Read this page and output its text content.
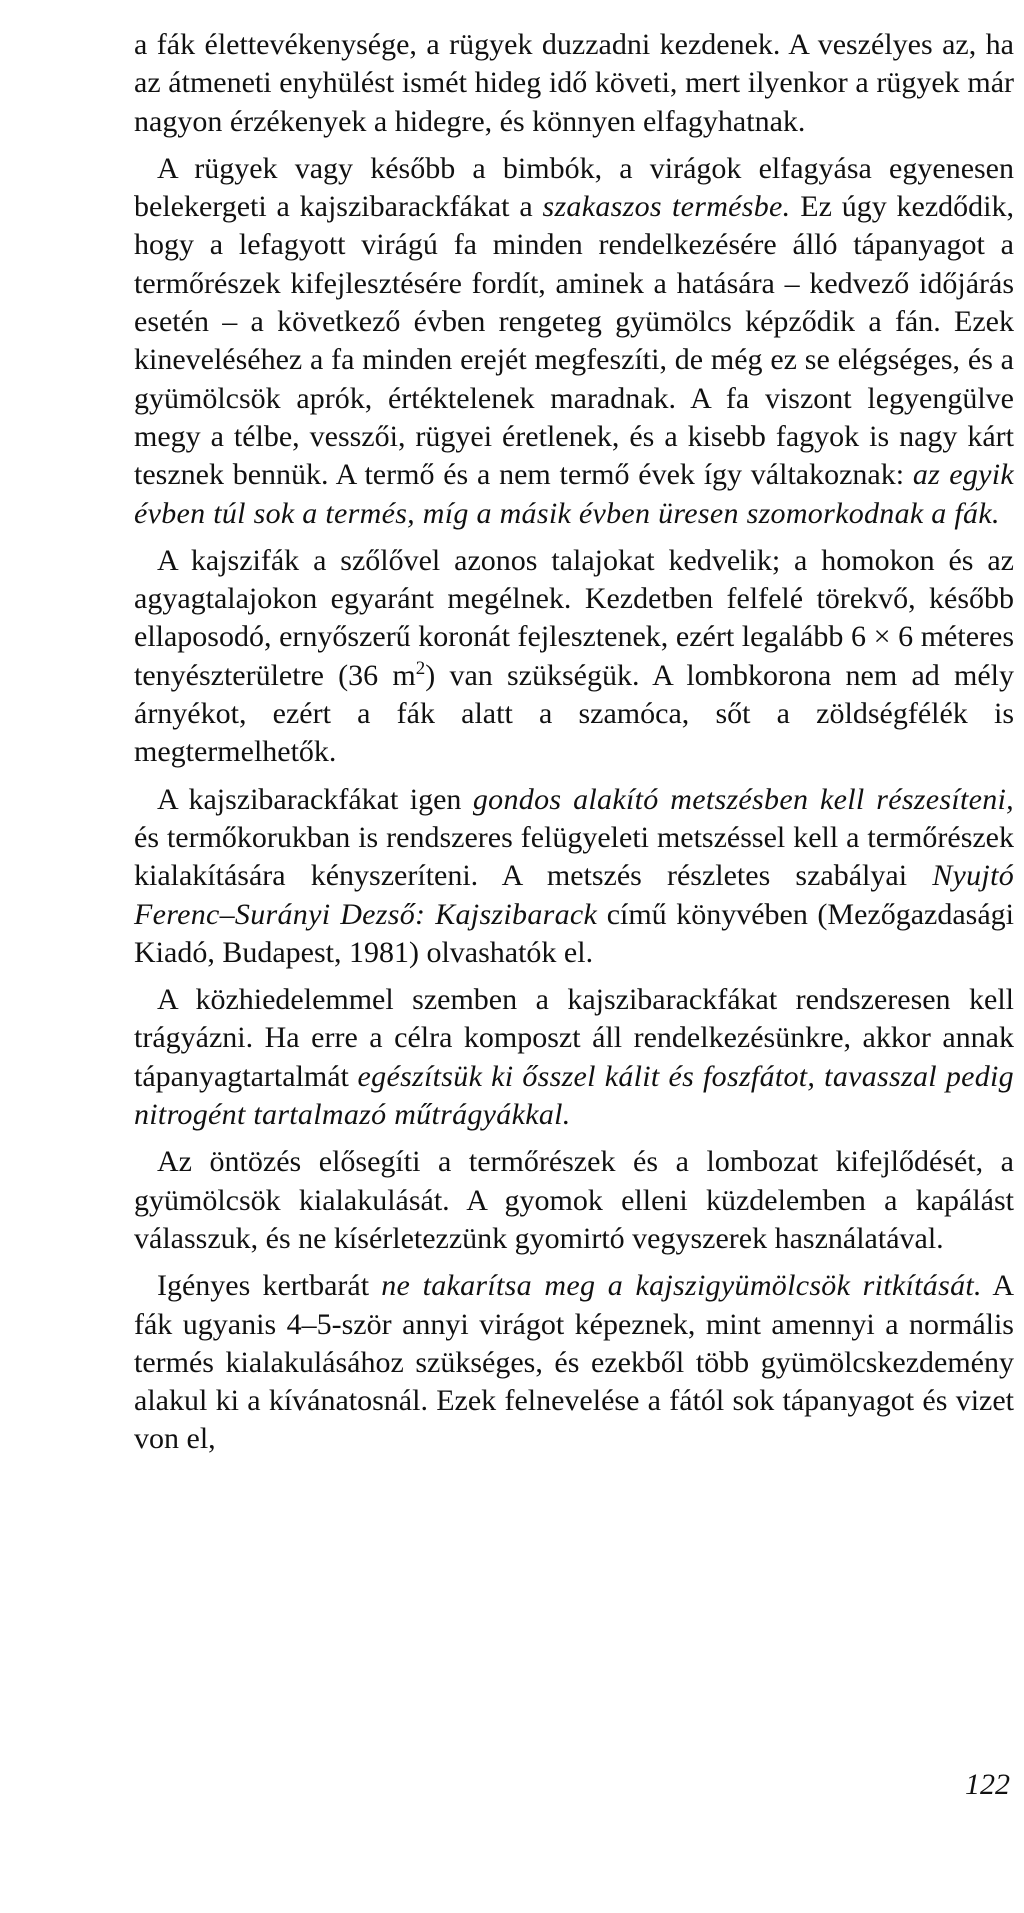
a fák élettevékenysége, a rügyek duzzadni kezdenek. A veszélyes az, ha az átmeneti enyhülést ismét hideg idő követi, mert ilyenkor a rügyek már nagyon érzékenyek a hidegre, és könnyen elfagyhatnak.

A rügyek vagy később a bimbók, a virágok elfagyása egyenesen belekergeti a kajszibarackfákat a szakaszos termésbe. Ez úgy kezdődik, hogy a lefagyott virágú fa minden rendelkezésére álló tápanyagot a termőrészek kifejlesztésére fordít, aminek a hatására – kedvező időjárás esetén – a következő évben rengeteg gyümölcs képződik a fán. Ezek kineveléséhez a fa minden erejét megfeszíti, de még ez se elégséges, és a gyümölcsök aprók, értéktelenek maradnak. A fa viszont legyengülve megy a télbe, vesszői, rügyei éretlenek, és a kisebb fagyok is nagy kárt tesznek bennük. A termő és a nem termő évek így váltakoznak: az egyik évben túl sok a termés, míg a másik évben üresen szomorkodnak a fák.

A kajszifák a szőlővel azonos talajokat kedvelik; a homokon és az agyagtalajokon egyaránt megélnek. Kezdetben felfelé törekvő, később ellaposodó, ernyőszerű koronát fejlesztenek, ezért legalább 6 × 6 méteres tenyészterületre (36 $m^2$) van szükségük. A lombkorona nem ad mély árnyékot, ezért a fák alatt a szamóca, sőt a zöldségfélék is megtermelhetők.

A kajszibarackfákat igen gondos alakító metszésben kell részesíteni, és termőkorukban is rendszeres felügyeleti metszéssel kell a termőrészek kialakítására kényszeríteni. A metszés részletes szabályai Nyujtó Ferenc–Surányi Dezső: Kajszibarack című könyvében (Mezőgazdasági Kiadó, Budapest, 1981) olvashatók el.

A közhiedelemmel szemben a kajszibarackfákat rendszeresen kell trágyázni. Ha erre a célra komposzt áll rendelkezésünkre, akkor annak tápanyagtartalmát egészítsük ki ősszel kálit és foszfátot, tavasszal pedig nitrogént tartalmazó műtrágyákkal.

Az öntözés elősegíti a termőrészek és a lombozat kifejlődését, a gyümölcsök kialakulását. A gyomok elleni küzdelemben a kapálást válasszuk, és ne kísérletezzünk gyomirtó vegyszerek használatával.

Igényes kertbarát ne takarítsa meg a kajszigyümölcsök ritkítását. A fák ugyanis 4–5-ször annyi virágot képeznek, mint amennyi a normális termés kialakulásához szükséges, és ezekből több gyümölcskezdemény alakul ki a kívánatosnál. Ezek felnevelése a fától sok tápanyagot és vizet von el,

122
